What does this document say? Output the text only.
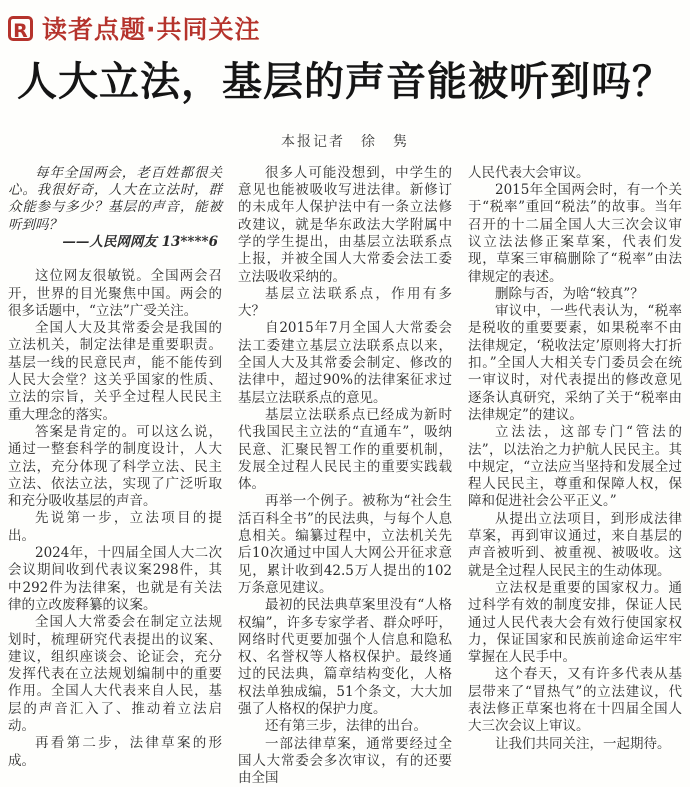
R 读者点题·共同关注
人大立法，基层的声音能被听到吗？
本报记者　徐　隽

每年全国两会，老百姓都很关心。我很好奇，人大在立法时，群众能参与多少？基层的声音，能被听到吗？

——人民网网友 13****6

这位网友很敏锐。全国两会召开，世界的目光聚焦中国。两会的很多话题中，“立法”广受关注。

全国人大及其常委会是我国的立法机关，制定法律是重要职责。基层一线的民意民声，能不能传到人民大会堂？这关乎国家的性质、立法的宗旨，关乎全过程人民民主重大理念的落实。

答案是肯定的。可以这么说，通过一整套科学的制度设计，人大立法，充分体现了科学立法、民主立法、依法立法，实现了广泛听取和充分吸收基层的声音。

先说第一步，立法项目的提出。

2024年，十四届全国人大二次会议期间收到代表议案298件，其中292件为法律案，也就是有关法律的立改废释纂的议案。

全国人大常委会在制定立法规划时，梳理研究代表提出的议案、建议，组织座谈会、论证会，充分发挥代表在立法规划编制中的重要作用。全国人大代表来自人民，基层的声音汇入了、推动着立法启动。

再看第二步，法律草案的形成。

很多人可能没想到，中学生的意见也能被吸收写进法律。新修订的未成年人保护法中有一条立法修改建议，就是华东政法大学附属中学的学生提出，由基层立法联系点上报，并被全国人大常委会法工委立法吸收采纳的。

基层立法联系点，作用有多大？

自2015年7月全国人大常委会法工委建立基层立法联系点以来，全国人大及其常委会制定、修改的法律中，超过90%的法律案征求过基层立法联系点的意见。

基层立法联系点已经成为新时代我国民主立法的“直通车”，吸纳民意、汇聚民智工作的重要机制，发展全过程人民民主的重要实践载体。

再举一个例子。被称为“社会生活百科全书”的民法典，与每个人息息相关。编纂过程中，立法机关先后10次通过中国人大网公开征求意见，累计收到42.5万人提出的102万条意见建议。

最初的民法典草案里没有“人格权编”，许多专家学者、群众呼吁，网络时代更要加强个人信息和隐私权、名誉权等人格权保护。最终通过的民法典，篇章结构变化，人格权法单独成编，51个条文，大大加强了人格权的保护力度。

还有第三步，法律的出台。

一部法律草案，通常要经过全国人大常委会多次审议，有的还要由全国

人民代表大会审议。

2015年全国两会时，有一个关于“税率”重回“税法”的故事。当年召开的十二届全国人大三次会议审议立法法修正案草案，代表们发现，草案三审稿删除了“税率”由法律规定的表述。

删除与否，为啥“较真”？

审议中，一些代表认为，“税率是税收的重要要素，如果税率不由法律规定，‘税收法定’原则将大打折扣。”全国人大相关专门委员会在统一审议时，对代表提出的修改意见逐条认真研究，采纳了关于“税率由法律规定”的建议。

立法法，这部专门“管法的法”，以法治之力护航人民民主。其中规定，“立法应当坚持和发展全过程人民民主，尊重和保障人权，保障和促进社会公平正义。”

从提出立法项目，到形成法律草案，再到审议通过，来自基层的声音被听到、被重视、被吸收。这就是全过程人民民主的生动体现。

立法权是重要的国家权力。通过科学有效的制度安排，保证人民通过人民代表大会有效行使国家权力，保证国家和民族前途命运牢牢掌握在人民手中。

这个春天，又有许多代表从基层带来了“冒热气”的立法建议，代表法修正草案也将在十四届全国人大三次会议上审议。

让我们共同关注，一起期待。
